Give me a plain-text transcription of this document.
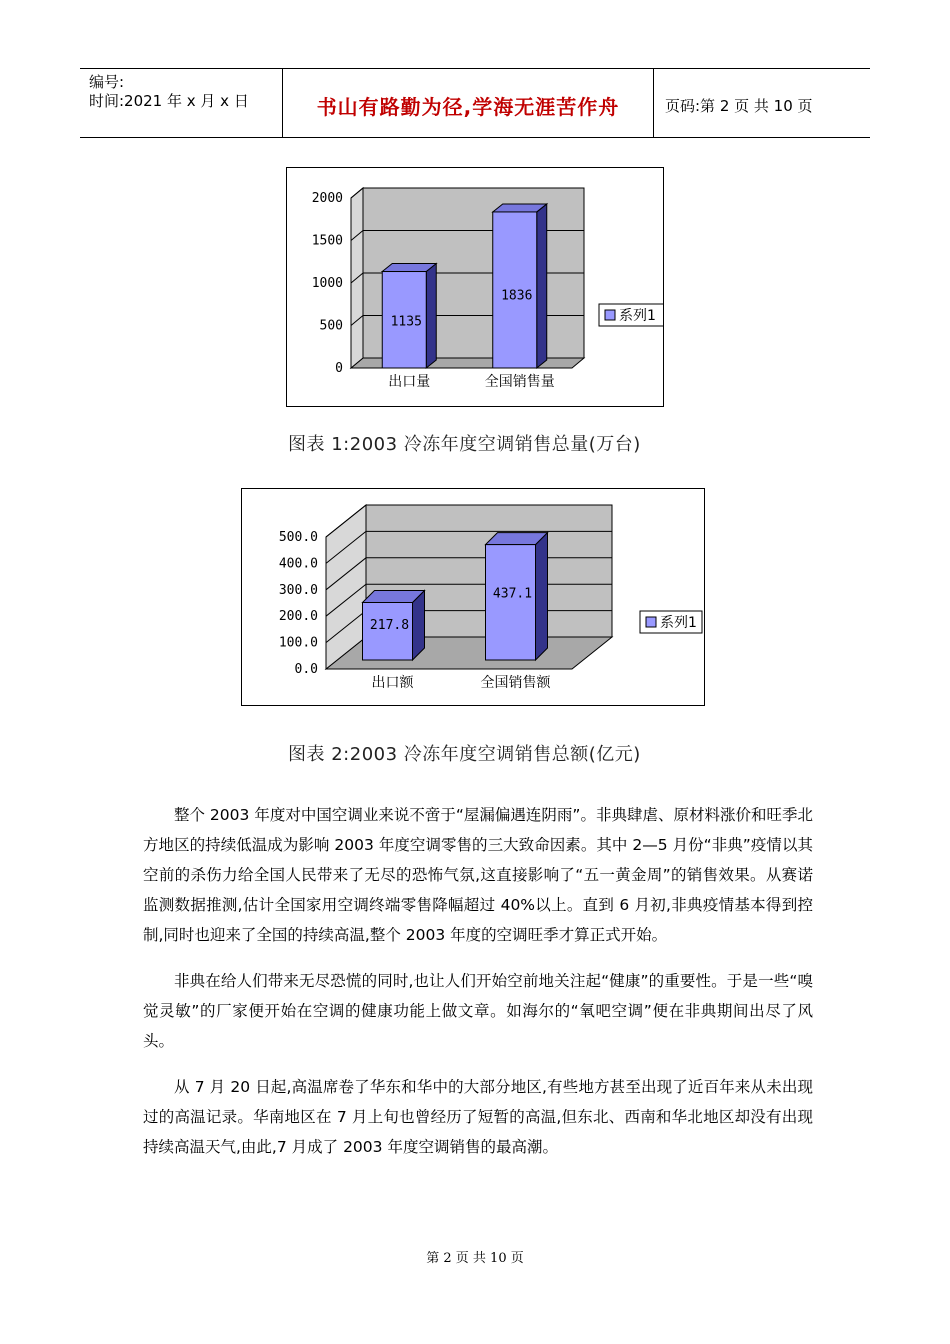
编号:
时间:2021 年 x 月 x 日	书山有路勤为径,学海无涯苦作舟	页码:第 2 页 共 10 页
0
500
1000
1500
2000
1135
出口量
1836
全国销售量
系列1
图表 1:2003 冷冻年度空调销售总量(万台)
0.0
100.0
200.0
300.0
400.0
500.0
217.8
出口额
437.1
全国销售额
系列1
图表 2:2003 冷冻年度空调销售总额(亿元)

整个 2003 年度对中国空调业来说不啻于“屋漏偏遇连阴雨”。非典肆虐、原材料涨价和旺季北方地区的持续低温成为影响 2003 年度空调零售的三大致命因素。其中 2—5 月份“非典”疫情以其空前的杀伤力给全国人民带来了无尽的恐怖气氛,这直接影响了“五一黄金周”的销售效果。从赛诺监测数据推测,估计全国家用空调终端零售降幅超过 40%以上。直到 6 月初,非典疫情基本得到控制,同时也迎来了全国的持续高温,整个 2003 年度的空调旺季才算正式开始。

非典在给人们带来无尽恐慌的同时,也让人们开始空前地关注起“健康”的重要性。于是一些“嗅觉灵敏”的厂家便开始在空调的健康功能上做文章。如海尔的“氧吧空调”便在非典期间出尽了风头。

从 7 月 20 日起,高温席卷了华东和华中的大部分地区,有些地方甚至出现了近百年来从未出现过的高温记录。华南地区在 7 月上旬也曾经历了短暂的高温,但东北、西南和华北地区却没有出现持续高温天气,由此,7 月成了 2003 年度空调销售的最高潮。

第 2 页 共 10 页
